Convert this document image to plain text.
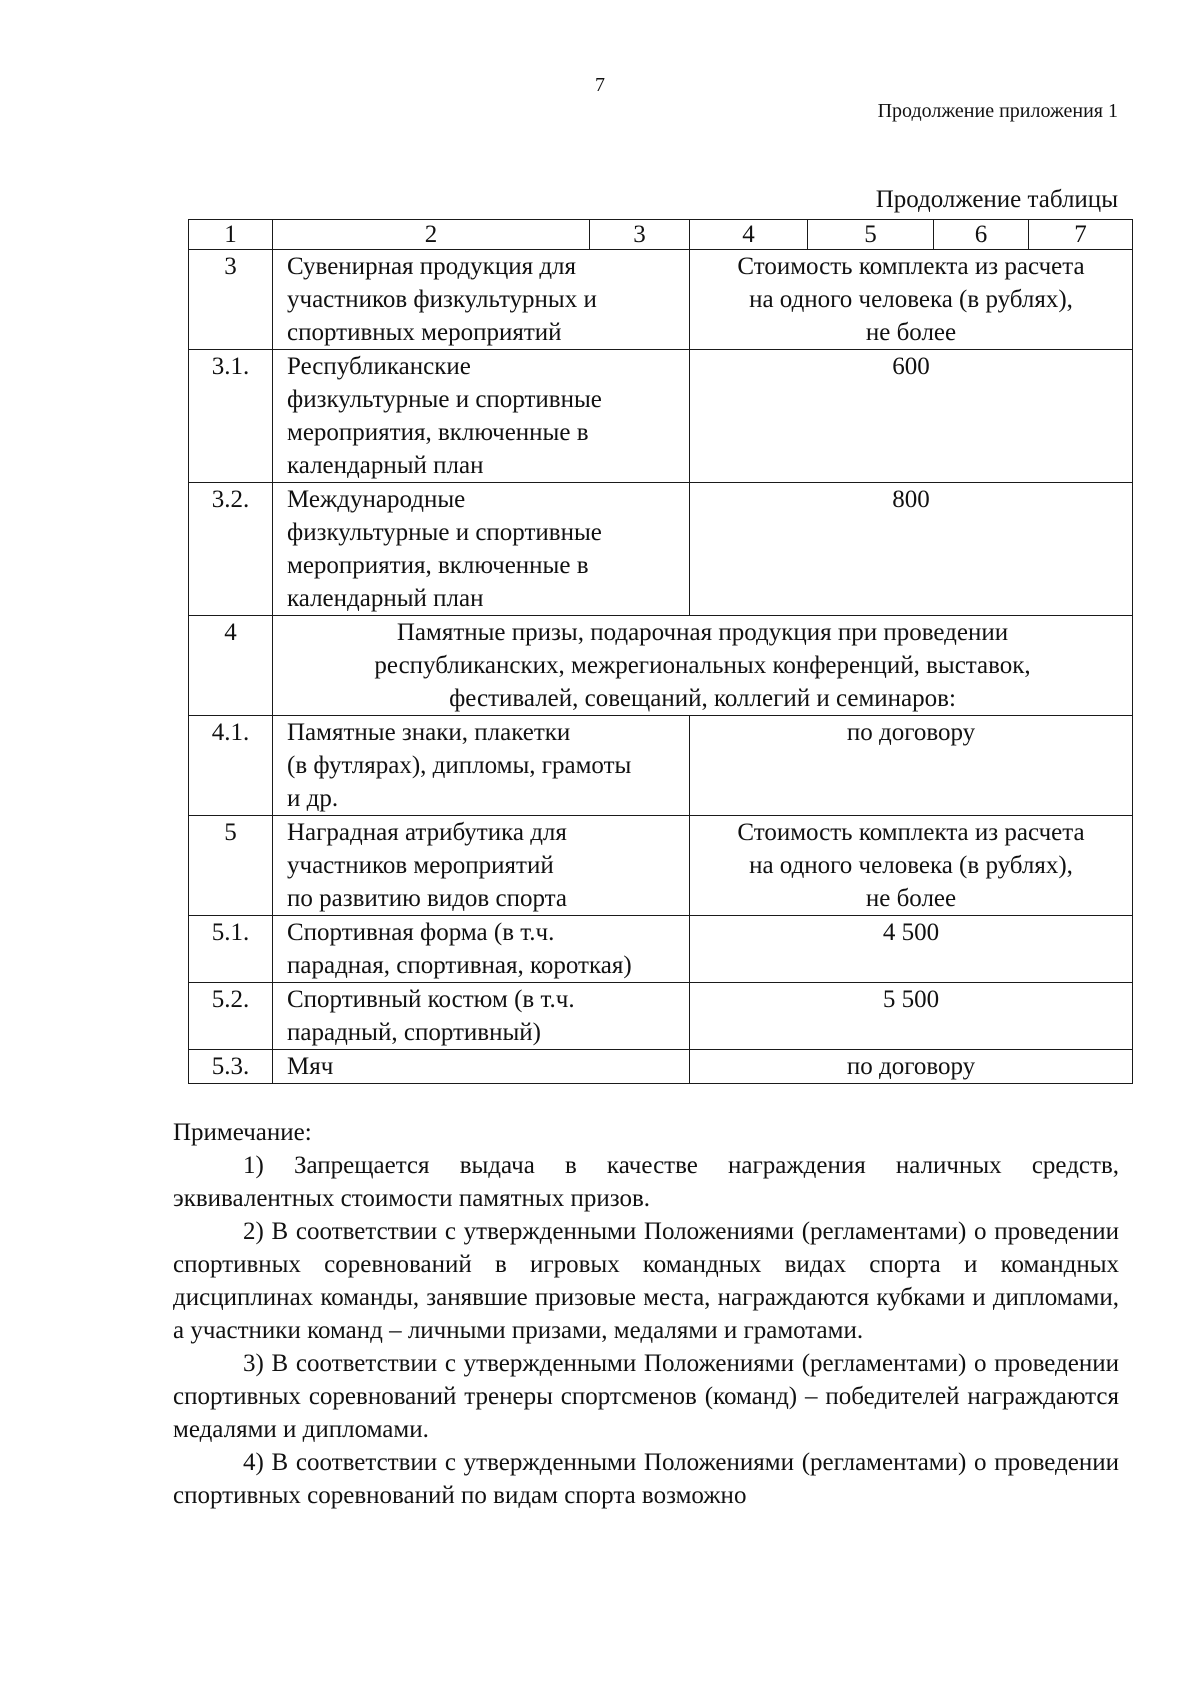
7
Продолжение приложения 1
Продолжение таблицы
1	2	3	4	5	6	7
3	Сувенирная продукция для
участников физкультурных и
спортивных мероприятий		Стоимость комплекта из расчета
на одного человека (в рублях),
не более			

3.1.	Республиканские
физкультурные и спортивные
мероприятия, включенные в
календарный план		600			

3.2.	Международные
физкультурные и спортивные
мероприятия, включенные в
календарный план		800			

4	Памятные призы, подарочная продукция при проведении
республиканских, межрегиональных конференций, выставок,
фестивалей, совещаний, коллегий и семинаров:					

4.1.	Памятные знаки, плакетки
(в футлярах), дипломы, грамоты
и др.		по договору			

5	Наградная атрибутика для
участников мероприятий
по развитию видов спорта		Стоимость комплекта из расчета
на одного человека (в рублях),
не более			

5.1.	Спортивная форма (в т.ч.
парадная, спортивная, короткая)		4 500			

5.2.	Спортивный костюм (в т.ч.
парадный, спортивный)		5 500			

5.3.	Мяч		по договору			

Примечание:

1) Запрещается выдача в качестве награждения наличных средств, эквивалентных стоимости памятных призов.

2) В соответствии с утвержденными Положениями (регламентами) о проведении спортивных соревнований в игровых командных видах спорта и командных дисциплинах команды, занявшие призовые места, награждаются кубками и дипломами, а участники команд – личными призами, медалями и грамотами.

3) В соответствии с утвержденными Положениями (регламентами) о проведении спортивных соревнований тренеры спортсменов (команд) – победителей награждаются медалями и дипломами.

4) В соответствии с утвержденными Положениями (регламентами) о проведении спортивных соревнований по видам спорта возможно
